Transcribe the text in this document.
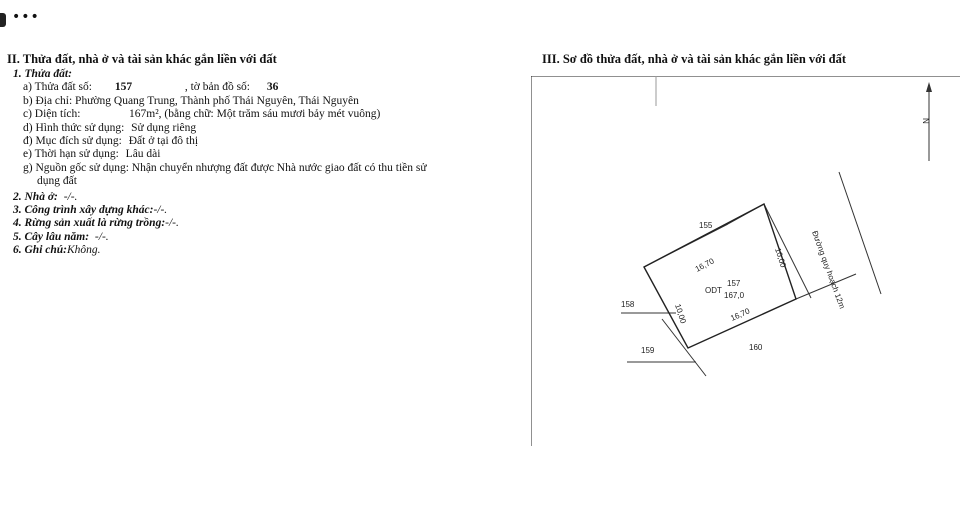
•••
II. Thửa đất, nhà ở và tài sản khác gắn liền với đất	III. Sơ đồ thửa đất, nhà ở và tài sản khác gắn liền với đất
1. Thửa đất:
a) Thửa đất số: 157	, tờ bản đồ số: 36
b) Địa chỉ: Phường Quang Trung, Thành phố Thái Nguyên, Thái Nguyên
c) Diện tích:	167m², (bằng chữ: Một trăm sáu mươi bảy mét vuông)
d) Hình thức sử dụng: Sử dụng riêng
đ) Mục đích sử dụng: Đất ở tại đô thị
e) Thời hạn sử dụng: Lâu dài
g) Nguồn gốc sử dụng: Nhận chuyển nhượng đất được Nhà nước giao đất có thu tiền sử
dụng đất
2. Nhà ở: -/-.
3. Công trình xây dựng khác:-/-.
4. Rừng sản xuất là rừng trồng:-/-.
5. Cây lâu năm: -/-.
6. Ghi chú:Không.
N
Đường quy hoạch 12m
ODT
157
167,0
16,70
16,70
10,00
10,00
155
158
159	160
